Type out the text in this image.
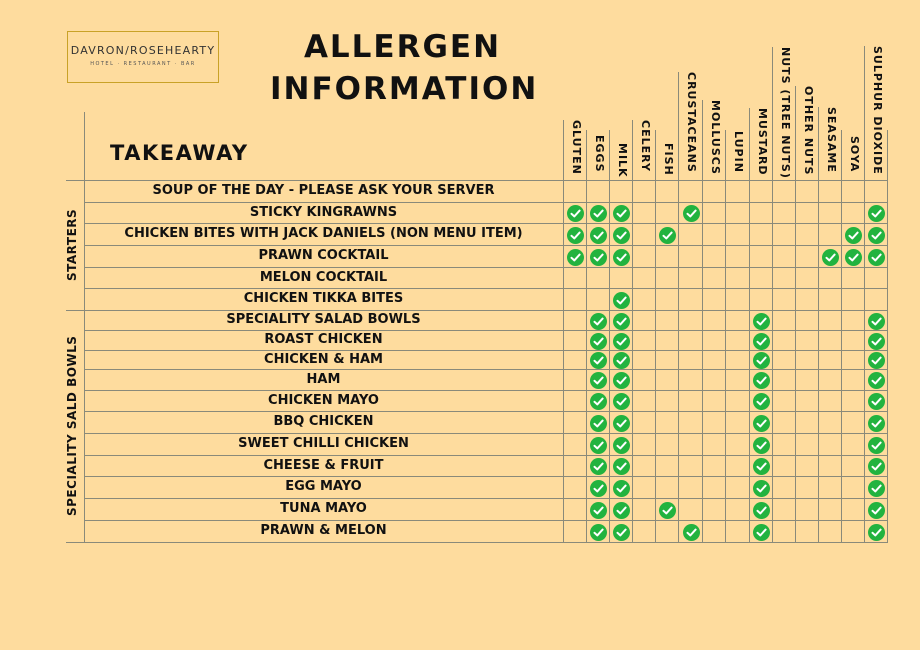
DAVRON/ROSEHEARTY
HOTEL · RESTAURANT · BAR	ALLERGEN
INFORMATION
TAKEAWAY	GLUTEN EGGS MILK CELERY FISH CRUSTACEANS MOLLUSCS LUPIN MUSTARD NUTS (TREE NUTS) OTHER NUTS SEASAME SOYA SULPHUR DIOXIDE
SOUP OF THE DAY - PLEASE ASK YOUR SERVER
STICKY KINGRAWNS
CHICKEN BITES WITH JACK DANIELS (NON MENU ITEM)
PRAWN COCKTAIL
MELON COCKTAIL
CHICKEN TIKKA BITES
SPECIALITY SALAD BOWLS
ROAST CHICKEN
CHICKEN & HAM
HAM
CHICKEN MAYO
BBQ CHICKEN
SWEET CHILLI CHICKEN
CHEESE & FRUIT
EGG MAYO
TUNA MAYO
PRAWN & MELON
STARTERS
SPECIALITY SALD BOWLS
